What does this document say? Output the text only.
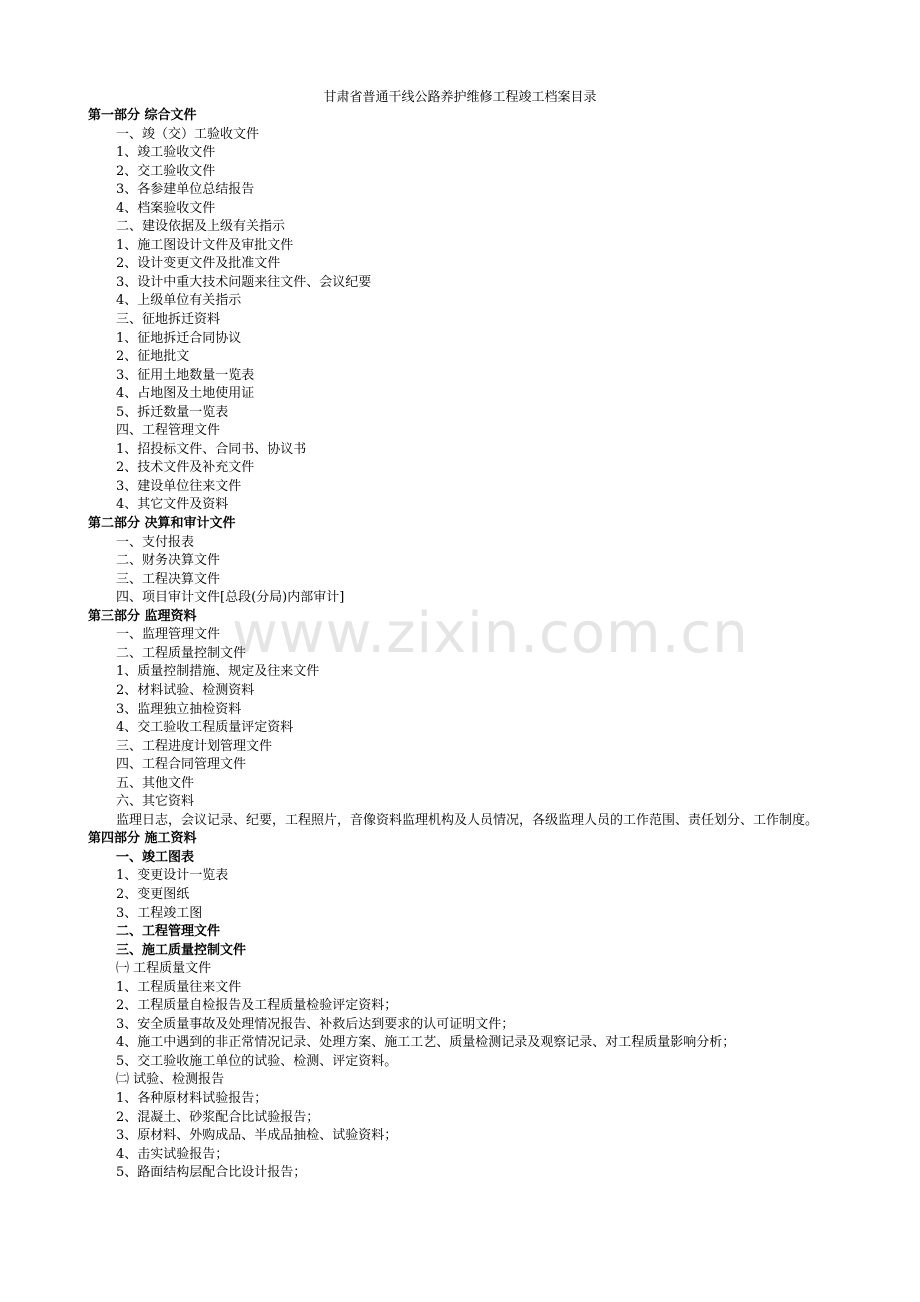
甘肃省普通干线公路养护维修工程竣工档案目录
www.zixin.com.cn
第一部分 综合文件
一、竣（交）工验收文件
1、竣工验收文件
2、交工验收文件
3、各参建单位总结报告
4、档案验收文件
二、建设依据及上级有关指示
1、施工图设计文件及审批文件
2、设计变更文件及批准文件
3、设计中重大技术问题来往文件、会议纪要
4、上级单位有关指示
三、征地拆迁资料
1、征地拆迁合同协议
2、征地批文
3、征用土地数量一览表
4、占地图及土地使用证
5、拆迁数量一览表
四、工程管理文件
1、招投标文件、合同书、协议书
2、技术文件及补充文件
3、建设单位往来文件
4、其它文件及资料
第二部分 决算和审计文件
一、支付报表
二、财务决算文件
三、工程决算文件
四、项目审计文件[总段(分局)内部审计]
第三部分 监理资料
一、监理管理文件
二、工程质量控制文件
1、质量控制措施、规定及往来文件
2、材料试验、检测资料
3、监理独立抽检资料
4、交工验收工程质量评定资料
三、工程进度计划管理文件
四、工程合同管理文件
五、其他文件
六、其它资料
监理日志，会议记录、纪要，工程照片，音像资料监理机构及人员情况，各级监理人员的工作范围、责任划分、工作制度。
第四部分 施工资料
一、竣工图表
1、变更设计一览表
2、变更图纸
3、工程竣工图
二、工程管理文件
三、施工质量控制文件
㈠ 工程质量文件
1、工程质量往来文件
2、工程质量自检报告及工程质量检验评定资料；
3、安全质量事故及处理情况报告、补救后达到要求的认可证明文件；
4、施工中遇到的非正常情况记录、处理方案、施工工艺、质量检测记录及观察记录、对工程质量影响分析；
5、交工验收施工单位的试验、检测、评定资料。
㈡ 试验、检测报告
1、各种原材料试验报告；
2、混凝土、砂浆配合比试验报告；
3、原材料、外购成品、半成品抽检、试验资料；
4、击实试验报告；
5、路面结构层配合比设计报告；
